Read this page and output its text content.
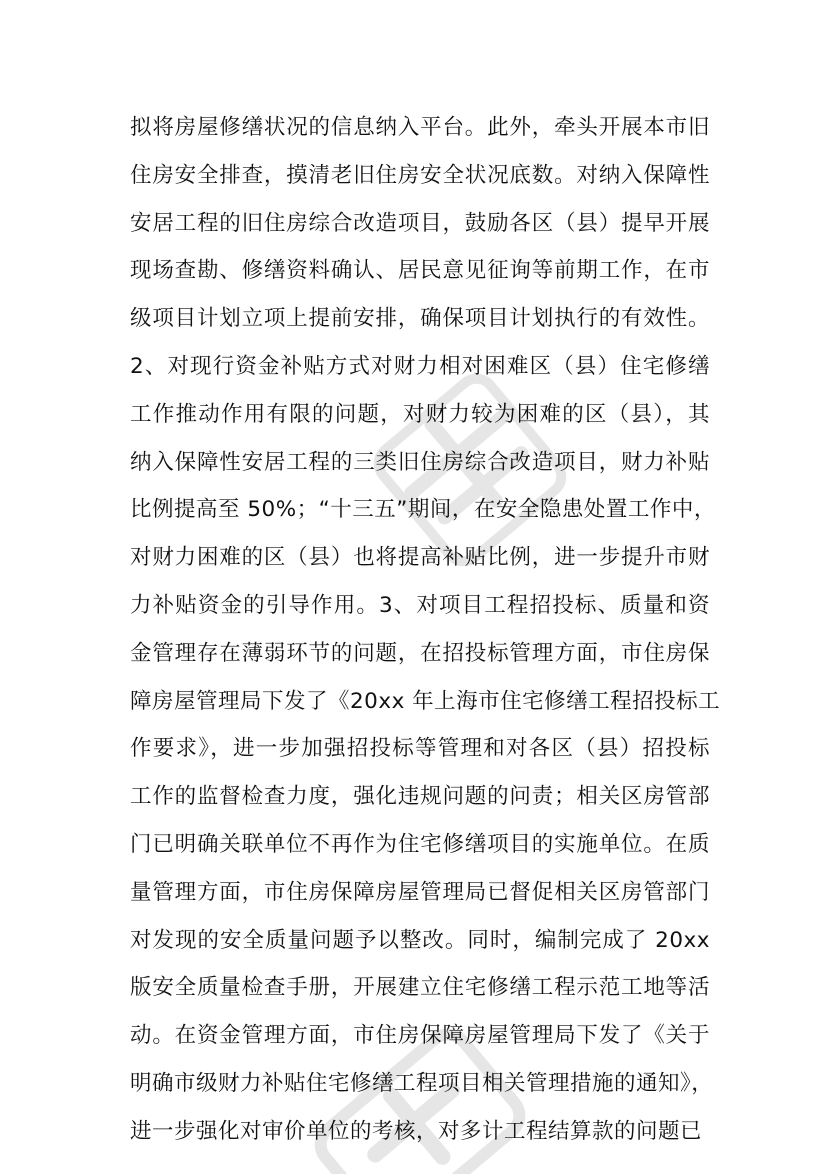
拟将房屋修缮状况的信息纳入平台。此外，牵头开展本市旧
住房安全排查，摸清老旧住房安全状况底数。对纳入保障性
安居工程的旧住房综合改造项目，鼓励各区（县）提早开展
现场查勘、修缮资料确认、居民意见征询等前期工作，在市
级项目计划立项上提前安排，确保项目计划执行的有效性。
2、对现行资金补贴方式对财力相对困难区（县）住宅修缮
工作推动作用有限的问题，对财力较为困难的区（县），其
纳入保障性安居工程的三类旧住房综合改造项目，财力补贴
比例提高至 50%；“十三五”期间，在安全隐患处置工作中，
对财力困难的区（县）也将提高补贴比例，进一步提升市财
力补贴资金的引导作用。3、对项目工程招投标、质量和资
金管理存在薄弱环节的问题，在招投标管理方面，市住房保
障房屋管理局下发了《20xx 年上海市住宅修缮工程招投标工
作要求》，进一步加强招投标等管理和对各区（县）招投标
工作的监督检查力度，强化违规问题的问责；相关区房管部
门已明确关联单位不再作为住宅修缮项目的实施单位。在质
量管理方面，市住房保障房屋管理局已督促相关区房管部门
对发现的安全质量问题予以整改。同时，编制完成了 20xx
版安全质量检查手册，开展建立住宅修缮工程示范工地等活
动。在资金管理方面，市住房保障房屋管理局下发了《关于
明确市级财力补贴住宅修缮工程项目相关管理措施的通知》，
进一步强化对审价单位的考核，对多计工程结算款的问题已
